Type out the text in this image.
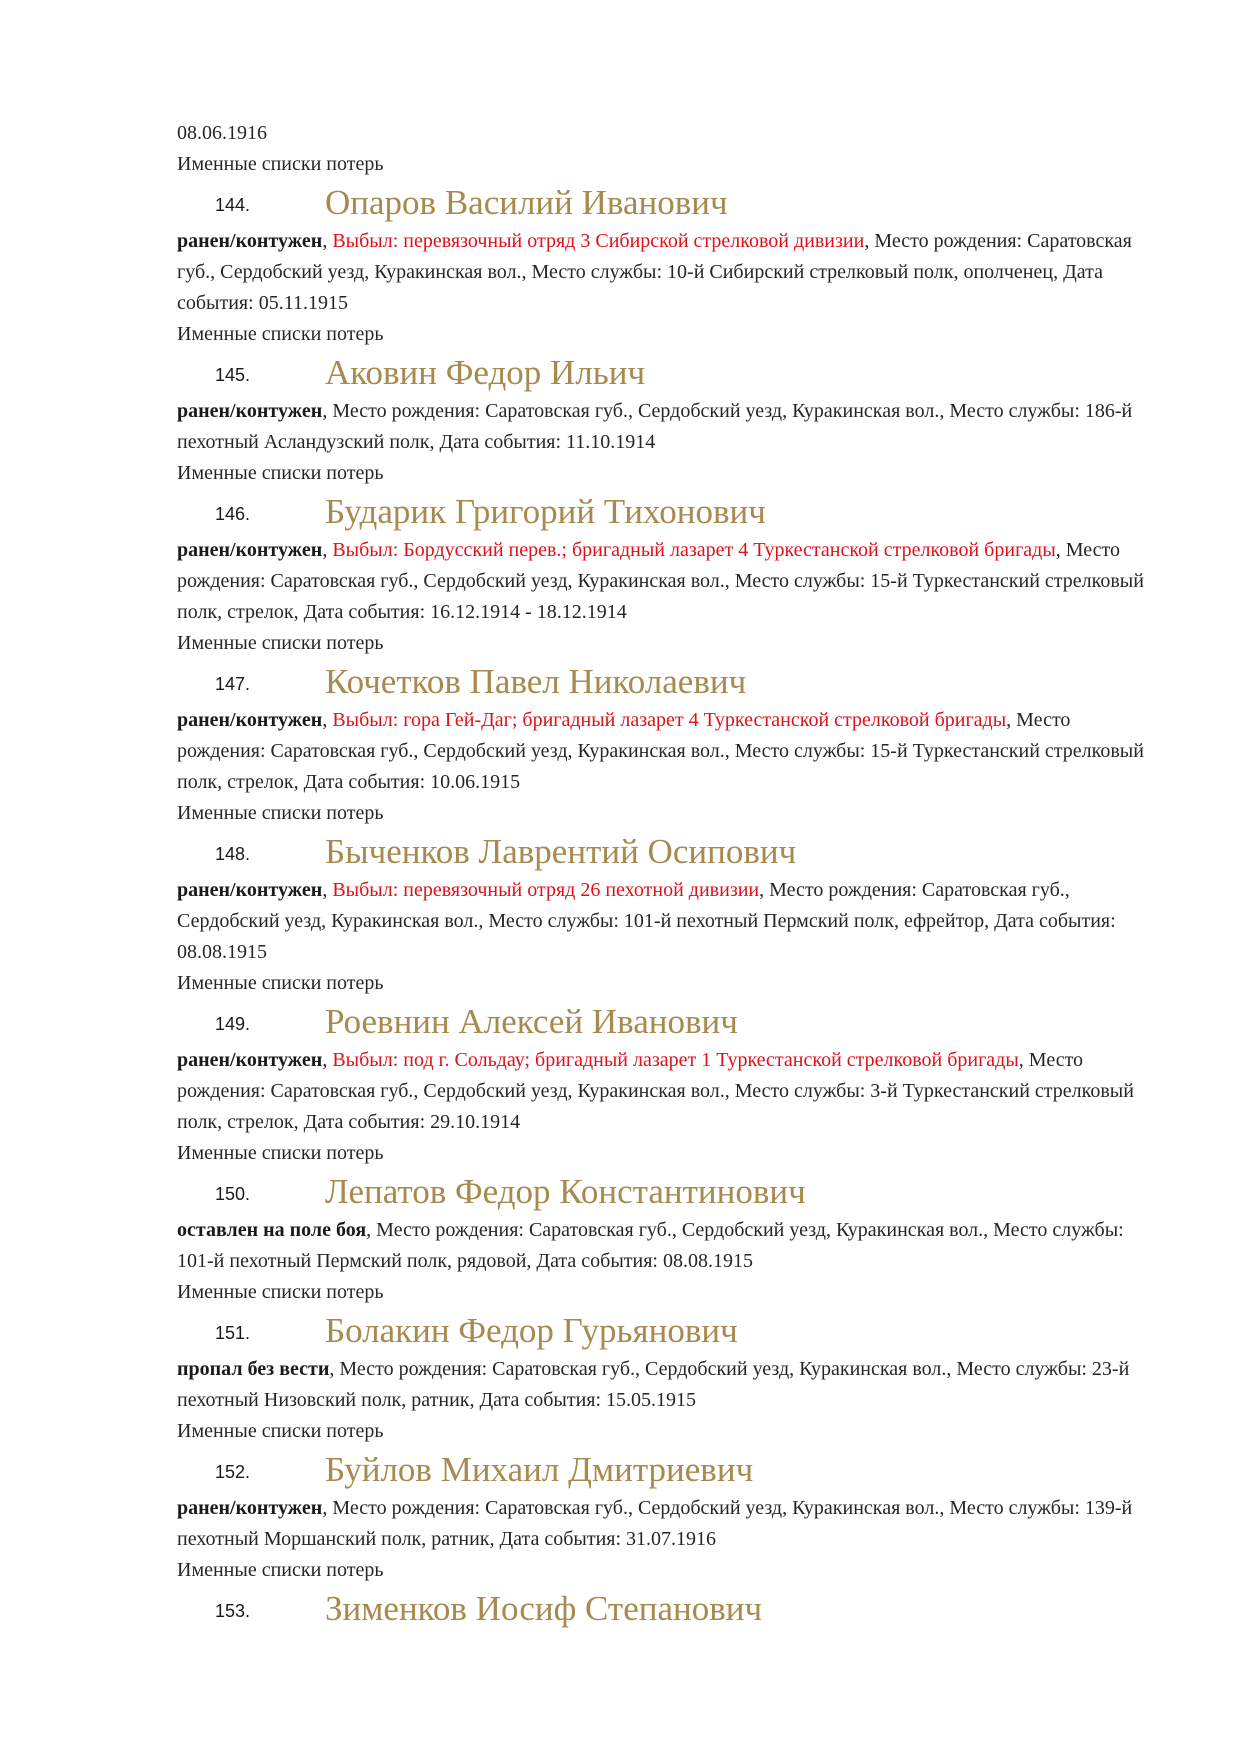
08.06.1916
Именные списки потерь
144. Опаров Василий Иванович

ранен/контужен, Выбыл: перевязочный отряд 3 Сибирской стрелковой дивизии, Место рождения: Саратовская губ., Сердобский уезд, Куракинская вол., Место службы: 10-й Сибирский стрелковый полк, ополченец, Дата события: 05.11.1915

Именные списки потерь
145. Аковин Федор Ильич

ранен/контужен, Место рождения: Саратовская губ., Сердобский уезд, Куракинская вол., Место службы: 186-й пехотный Асландузский полк, Дата события: 11.10.1914

Именные списки потерь
146. Бударик Григорий Тихонович

ранен/контужен, Выбыл: Бордусский перев.; бригадный лазарет 4 Туркестанской стрелковой бригады, Место рождения: Саратовская губ., Сердобский уезд, Куракинская вол., Место службы: 15-й Туркестанский стрелковый полк, стрелок, Дата события: 16.12.1914 - 18.12.1914

Именные списки потерь
147. Кочетков Павел Николаевич

ранен/контужен, Выбыл: гора Гей-Даг; бригадный лазарет 4 Туркестанской стрелковой бригады, Место рождения: Саратовская губ., Сердобский уезд, Куракинская вол., Место службы: 15-й Туркестанский стрелковый полк, стрелок, Дата события: 10.06.1915

Именные списки потерь
148. Быченков Лаврентий Осипович

ранен/контужен, Выбыл: перевязочный отряд 26 пехотной дивизии, Место рождения: Саратовская губ., Сердобский уезд, Куракинская вол., Место службы: 101-й пехотный Пермский полк, ефрейтор, Дата события: 08.08.1915

Именные списки потерь
149. Роевнин Алексей Иванович

ранен/контужен, Выбыл: под г. Сольдау; бригадный лазарет 1 Туркестанской стрелковой бригады, Место рождения: Саратовская губ., Сердобский уезд, Куракинская вол., Место службы: 3-й Туркестанский стрелковый полк, стрелок, Дата события: 29.10.1914

Именные списки потерь
150. Лепатов Федор Константинович

оставлен на поле боя, Место рождения: Саратовская губ., Сердобский уезд, Куракинская вол., Место службы: 101-й пехотный Пермский полк, рядовой, Дата события: 08.08.1915

Именные списки потерь
151. Болакин Федор Гурьянович

пропал без вести, Место рождения: Саратовская губ., Сердобский уезд, Куракинская вол., Место службы: 23-й пехотный Низовский полк, ратник, Дата события: 15.05.1915

Именные списки потерь
152. Буйлов Михаил Дмитриевич

ранен/контужен, Место рождения: Саратовская губ., Сердобский уезд, Куракинская вол., Место службы: 139-й пехотный Моршанский полк, ратник, Дата события: 31.07.1916

Именные списки потерь
153. Зименков Иосиф Степанович
